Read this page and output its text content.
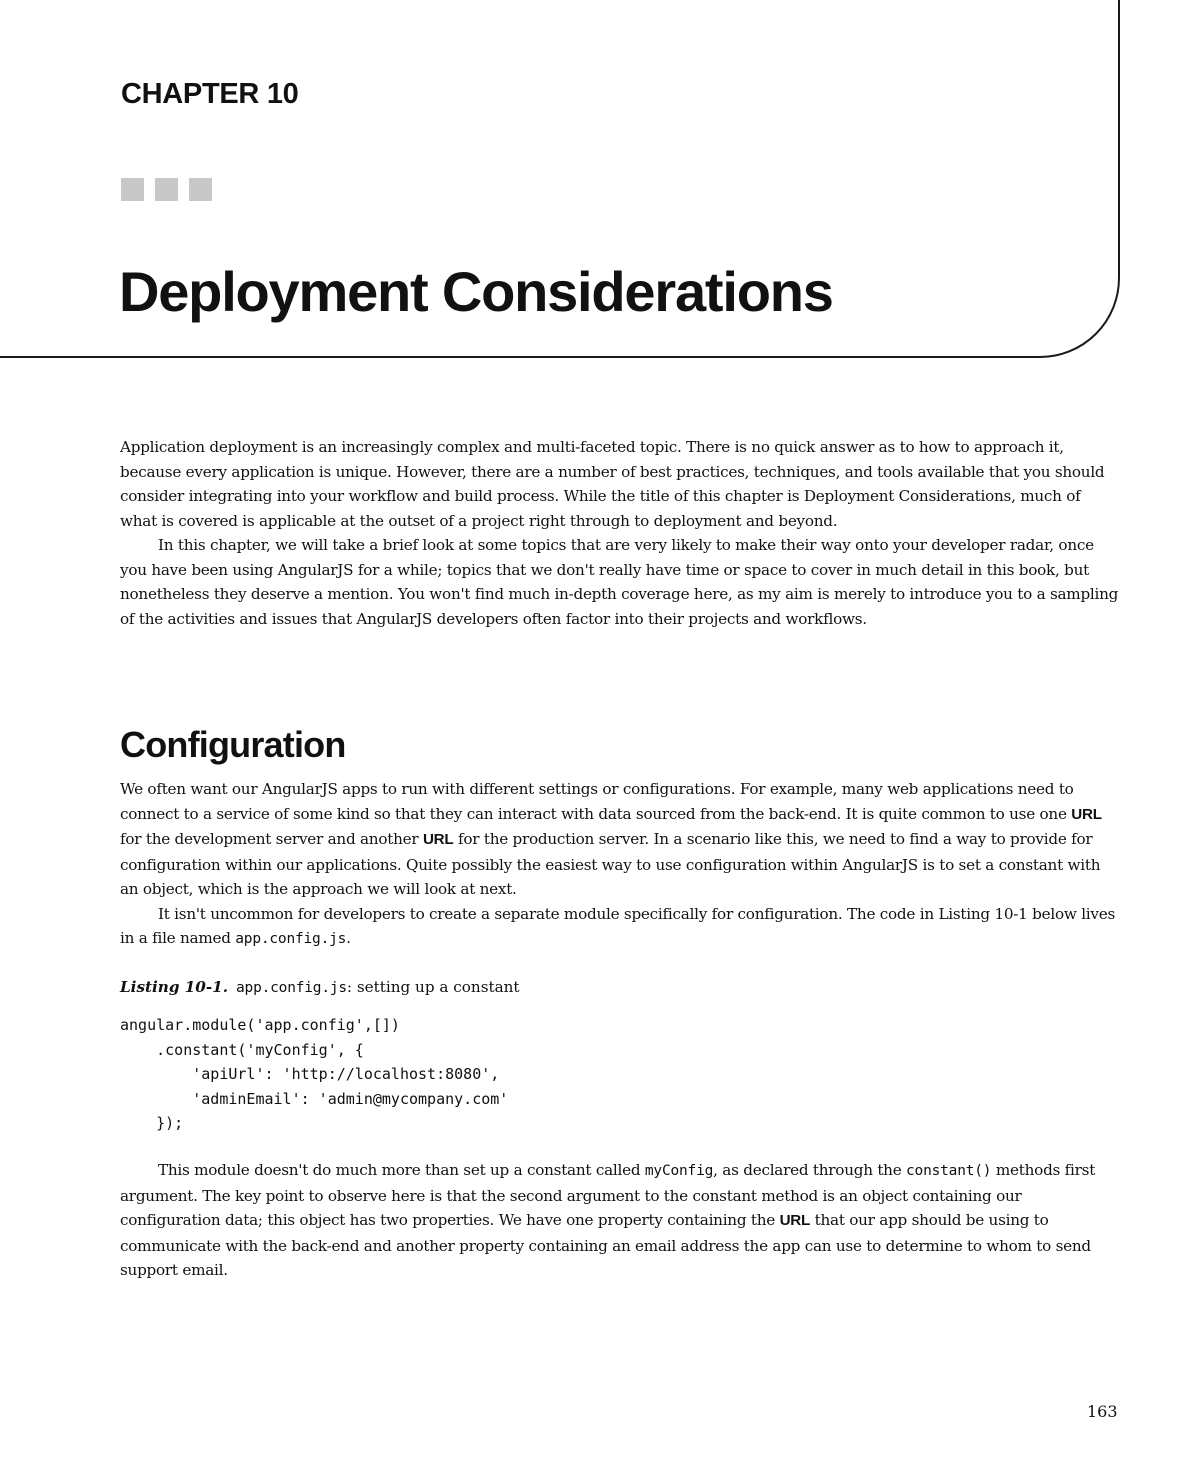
CHAPTER 10
Deployment Considerations

Application deployment is an increasingly complex and multi-faceted topic. There is no quick answer as to how to approach it, because every application is unique. However, there are a number of best practices, techniques, and tools available that you should consider integrating into your workflow and build process. While the title of this chapter is Deployment Considerations, much of what is covered is applicable at the outset of a project right through to deployment and beyond.

In this chapter, we will take a brief look at some topics that are very likely to make their way onto your developer radar, once you have been using AngularJS for a while; topics that we don't really have time or space to cover in much detail in this book, but nonetheless they deserve a mention. You won't find much in-depth coverage here, as my aim is merely to introduce you to a sampling of the activities and issues that AngularJS developers often factor into their projects and workflows.

Configuration

We often want our AngularJS apps to run with different settings or configurations. For example, many web applications need to connect to a service of some kind so that they can interact with data sourced from the back-end. It is quite common to use one URL for the development server and another URL for the production server. In a scenario like this, we need to find a way to provide for configuration within our applications. Quite possibly the easiest way to use configuration within AngularJS is to set a constant with an object, which is the approach we will look at next.

It isn't uncommon for developers to create a separate module specifically for configuration. The code in Listing 10-1 below lives in a file named app.config.js.

Listing 10-1. app.config.js: setting up a constant
angular.module('app.config',[])
.constant('myConfig', {
'apiUrl': 'http://localhost:8080',
'adminEmail': 'admin@mycompany.com'
});

This module doesn't do much more than set up a constant called myConfig, as declared through the constant() methods first argument. The key point to observe here is that the second argument to the constant method is an object containing our configuration data; this object has two properties. We have one property containing the URL that our app should be using to communicate with the back-end and another property containing an email address the app can use to determine to whom to send support email.

163
